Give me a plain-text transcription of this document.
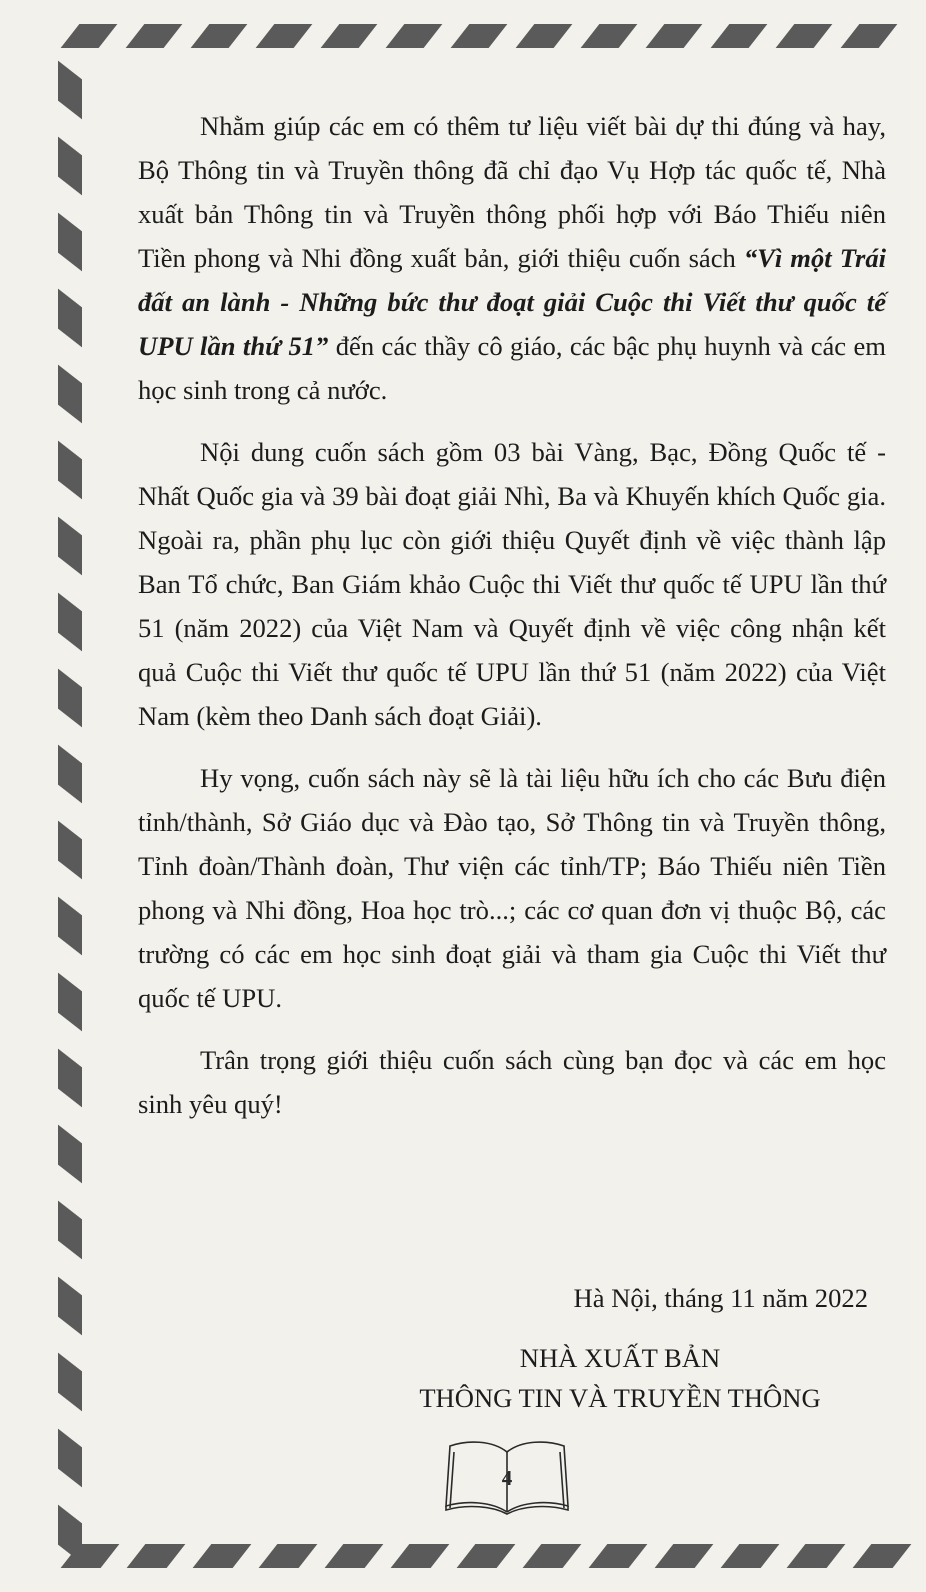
Nhằm giúp các em có thêm tư liệu viết bài dự thi đúng và hay, Bộ Thông tin và Truyền thông đã chỉ đạo Vụ Hợp tác quốc tế, Nhà xuất bản Thông tin và Truyền thông phối hợp với Báo Thiếu niên Tiền phong và Nhi đồng xuất bản, giới thiệu cuốn sách “Vì một Trái đất an lành - Những bức thư đoạt giải Cuộc thi Viết thư quốc tế UPU lần thứ 51” đến các thầy cô giáo, các bậc phụ huynh và các em học sinh trong cả nước.

Nội dung cuốn sách gồm 03 bài Vàng, Bạc, Đồng Quốc tế - Nhất Quốc gia và 39 bài đoạt giải Nhì, Ba và Khuyến khích Quốc gia. Ngoài ra, phần phụ lục còn giới thiệu Quyết định về việc thành lập Ban Tổ chức, Ban Giám khảo Cuộc thi Viết thư quốc tế UPU lần thứ 51 (năm 2022) của Việt Nam và Quyết định về việc công nhận kết quả Cuộc thi Viết thư quốc tế UPU lần thứ 51 (năm 2022) của Việt Nam (kèm theo Danh sách đoạt Giải).

Hy vọng, cuốn sách này sẽ là tài liệu hữu ích cho các Bưu điện tỉnh/thành, Sở Giáo dục và Đào tạo, Sở Thông tin và Truyền thông, Tỉnh đoàn/Thành đoàn, Thư viện các tỉnh/TP; Báo Thiếu niên Tiền phong và Nhi đồng, Hoa học trò...; các cơ quan đơn vị thuộc Bộ, các trường có các em học sinh đoạt giải và tham gia Cuộc thi Viết thư quốc tế UPU.

Trân trọng giới thiệu cuốn sách cùng bạn đọc và các em học sinh yêu quý!

Hà Nội, tháng 11 năm 2022
NHÀ XUẤT BẢN
THÔNG TIN VÀ TRUYỀN THÔNG
4
